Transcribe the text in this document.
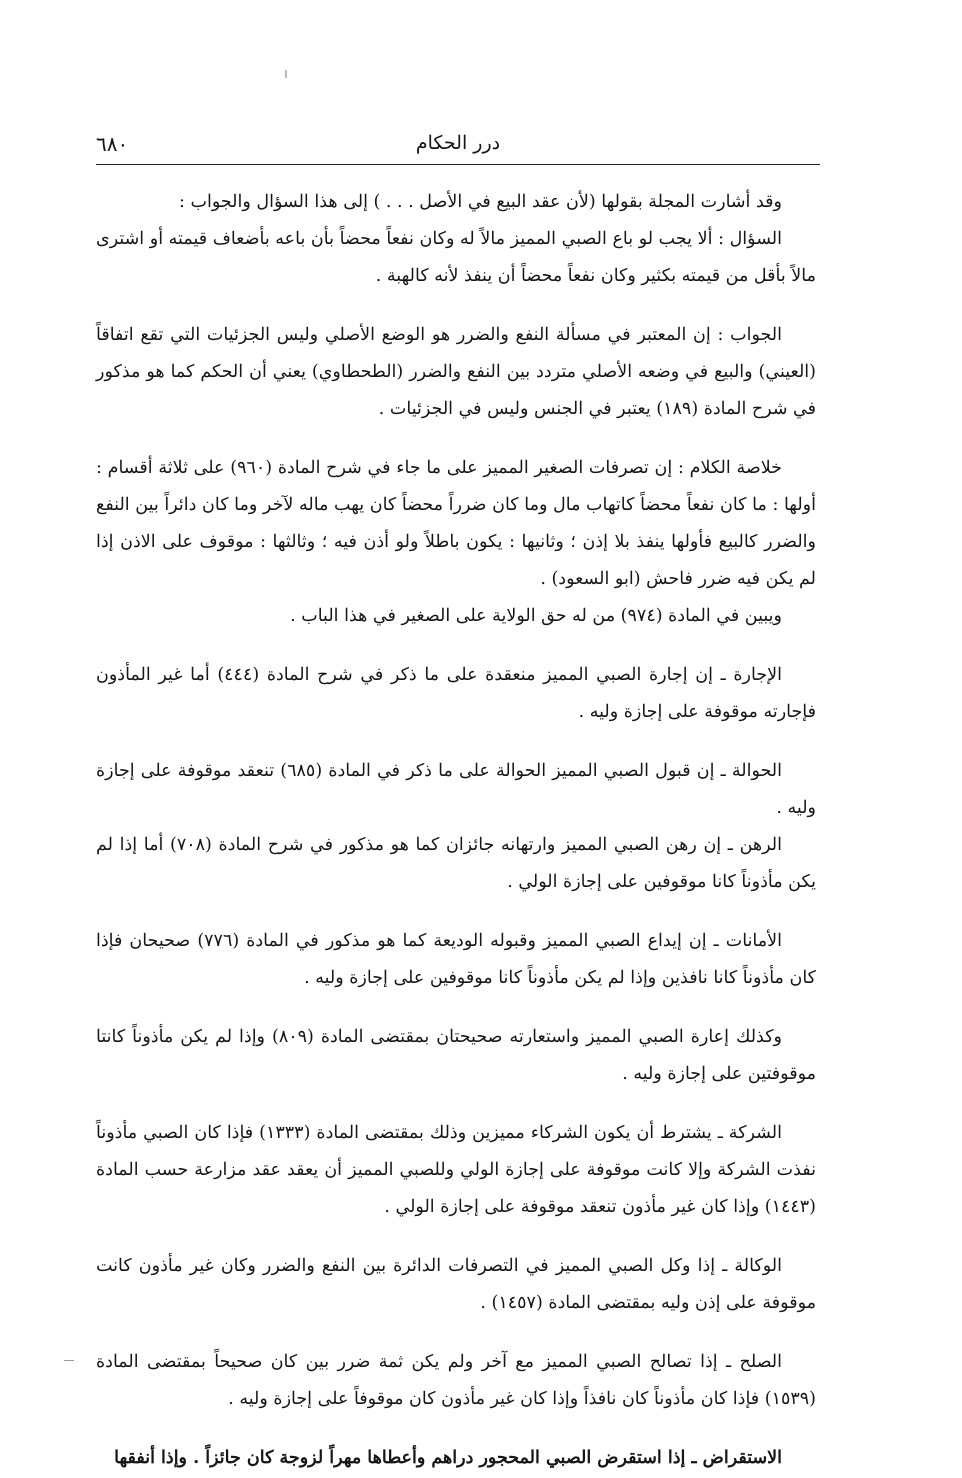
درر الحكام
٦٨٠

وقد أشارت المجلة بقولها (لأن عقد البيع في الأصل . . . ) إلى هذا السؤال والجواب :

السؤال : ألا يجب لو باع الصبي المميز مالاً له وكان نفعاً محضاً بأن باعه بأضعاف قيمته أو اشترى مالاً بأقل من قيمته بكثير وكان نفعاً محضاً أن ينفذ لأنه كالهبة .

الجواب : إن المعتبر في مسألة النفع والضرر هو الوضع الأصلي وليس الجزئيات التي تقع اتفاقاً (العيني) والبيع في وضعه الأصلي متردد بين النفع والضرر (الطحطاوي) يعني أن الحكم كما هو مذكور في شرح المادة (١٨٩) يعتبر في الجنس وليس في الجزئيات .

خلاصة الكلام : إن تصرفات الصغير المميز على ما جاء في شرح المادة (٩٦٠) على ثلاثة أقسام : أولها : ما كان نفعاً محضاً كاتهاب مال وما كان ضرراً محضاً كان يهب ماله لآخر وما كان دائراً بين النفع والضرر كالبيع فأولها ينفذ بلا إذن ؛ وثانيها : يكون باطلاً ولو أذن فيه ؛ وثالثها : موقوف على الاذن إذا لم يكن فيه ضرر فاحش (ابو السعود) .

ويبين في المادة (٩٧٤) من له حق الولاية على الصغير في هذا الباب .

الإجارة ـ إن إجارة الصبي المميز منعقدة على ما ذكر في شرح المادة (٤٤٤) أما غير المأذون فإجارته موقوفة على إجازة وليه .

الحوالة ـ إن قبول الصبي المميز الحوالة على ما ذكر في المادة (٦٨٥) تنعقد موقوفة على إجازة وليه .

الرهن ـ إن رهن الصبي المميز وارتهانه جائزان كما هو مذكور في شرح المادة (٧٠٨) أما إذا لم يكن مأذوناً كانا موقوفين على إجازة الولي .

الأمانات ـ إن إيداع الصبي المميز وقبوله الوديعة كما هو مذكور في المادة (٧٧٦) صحيحان فإذا كان مأذوناً كانا نافذين وإذا لم يكن مأذوناً كانا موقوفين على إجازة وليه .

وكذلك إعارة الصبي المميز واستعارته صحيحتان بمقتضى المادة (٨٠٩) وإذا لم يكن مأذوناً كانتا موقوفتين على إجازة وليه .

الشركة ـ يشترط أن يكون الشركاء مميزين وذلك بمقتضى المادة (١٣٣٣) فإذا كان الصبي مأذوناً نفذت الشركة وإلا كانت موقوفة على إجازة الولي وللصبي المميز أن يعقد عقد مزارعة حسب المادة (١٤٤٣) وإذا كان غير مأذون تنعقد موقوفة على إجازة الولي .

الوكالة ـ إذا وكل الصبي المميز في التصرفات الدائرة بين النفع والضرر وكان غير مأذون كانت موقوفة على إذن وليه بمقتضى المادة (١٤٥٧) .

الصلح ـ إذا تصالح الصبي المميز مع آخر ولم يكن ثمة ضرر بين كان صحيحاً بمقتضى المادة (١٥٣٩) فإذا كان مأذوناً كان نافذاً وإذا كان غير مأذون كان موقوفاً على إجازة وليه .

الاستقراض ـ إذا استقرض الصبي المحجور دراهم وأعطاها مهراً لزوجة كان جائزاً . وإذا أنفقها
